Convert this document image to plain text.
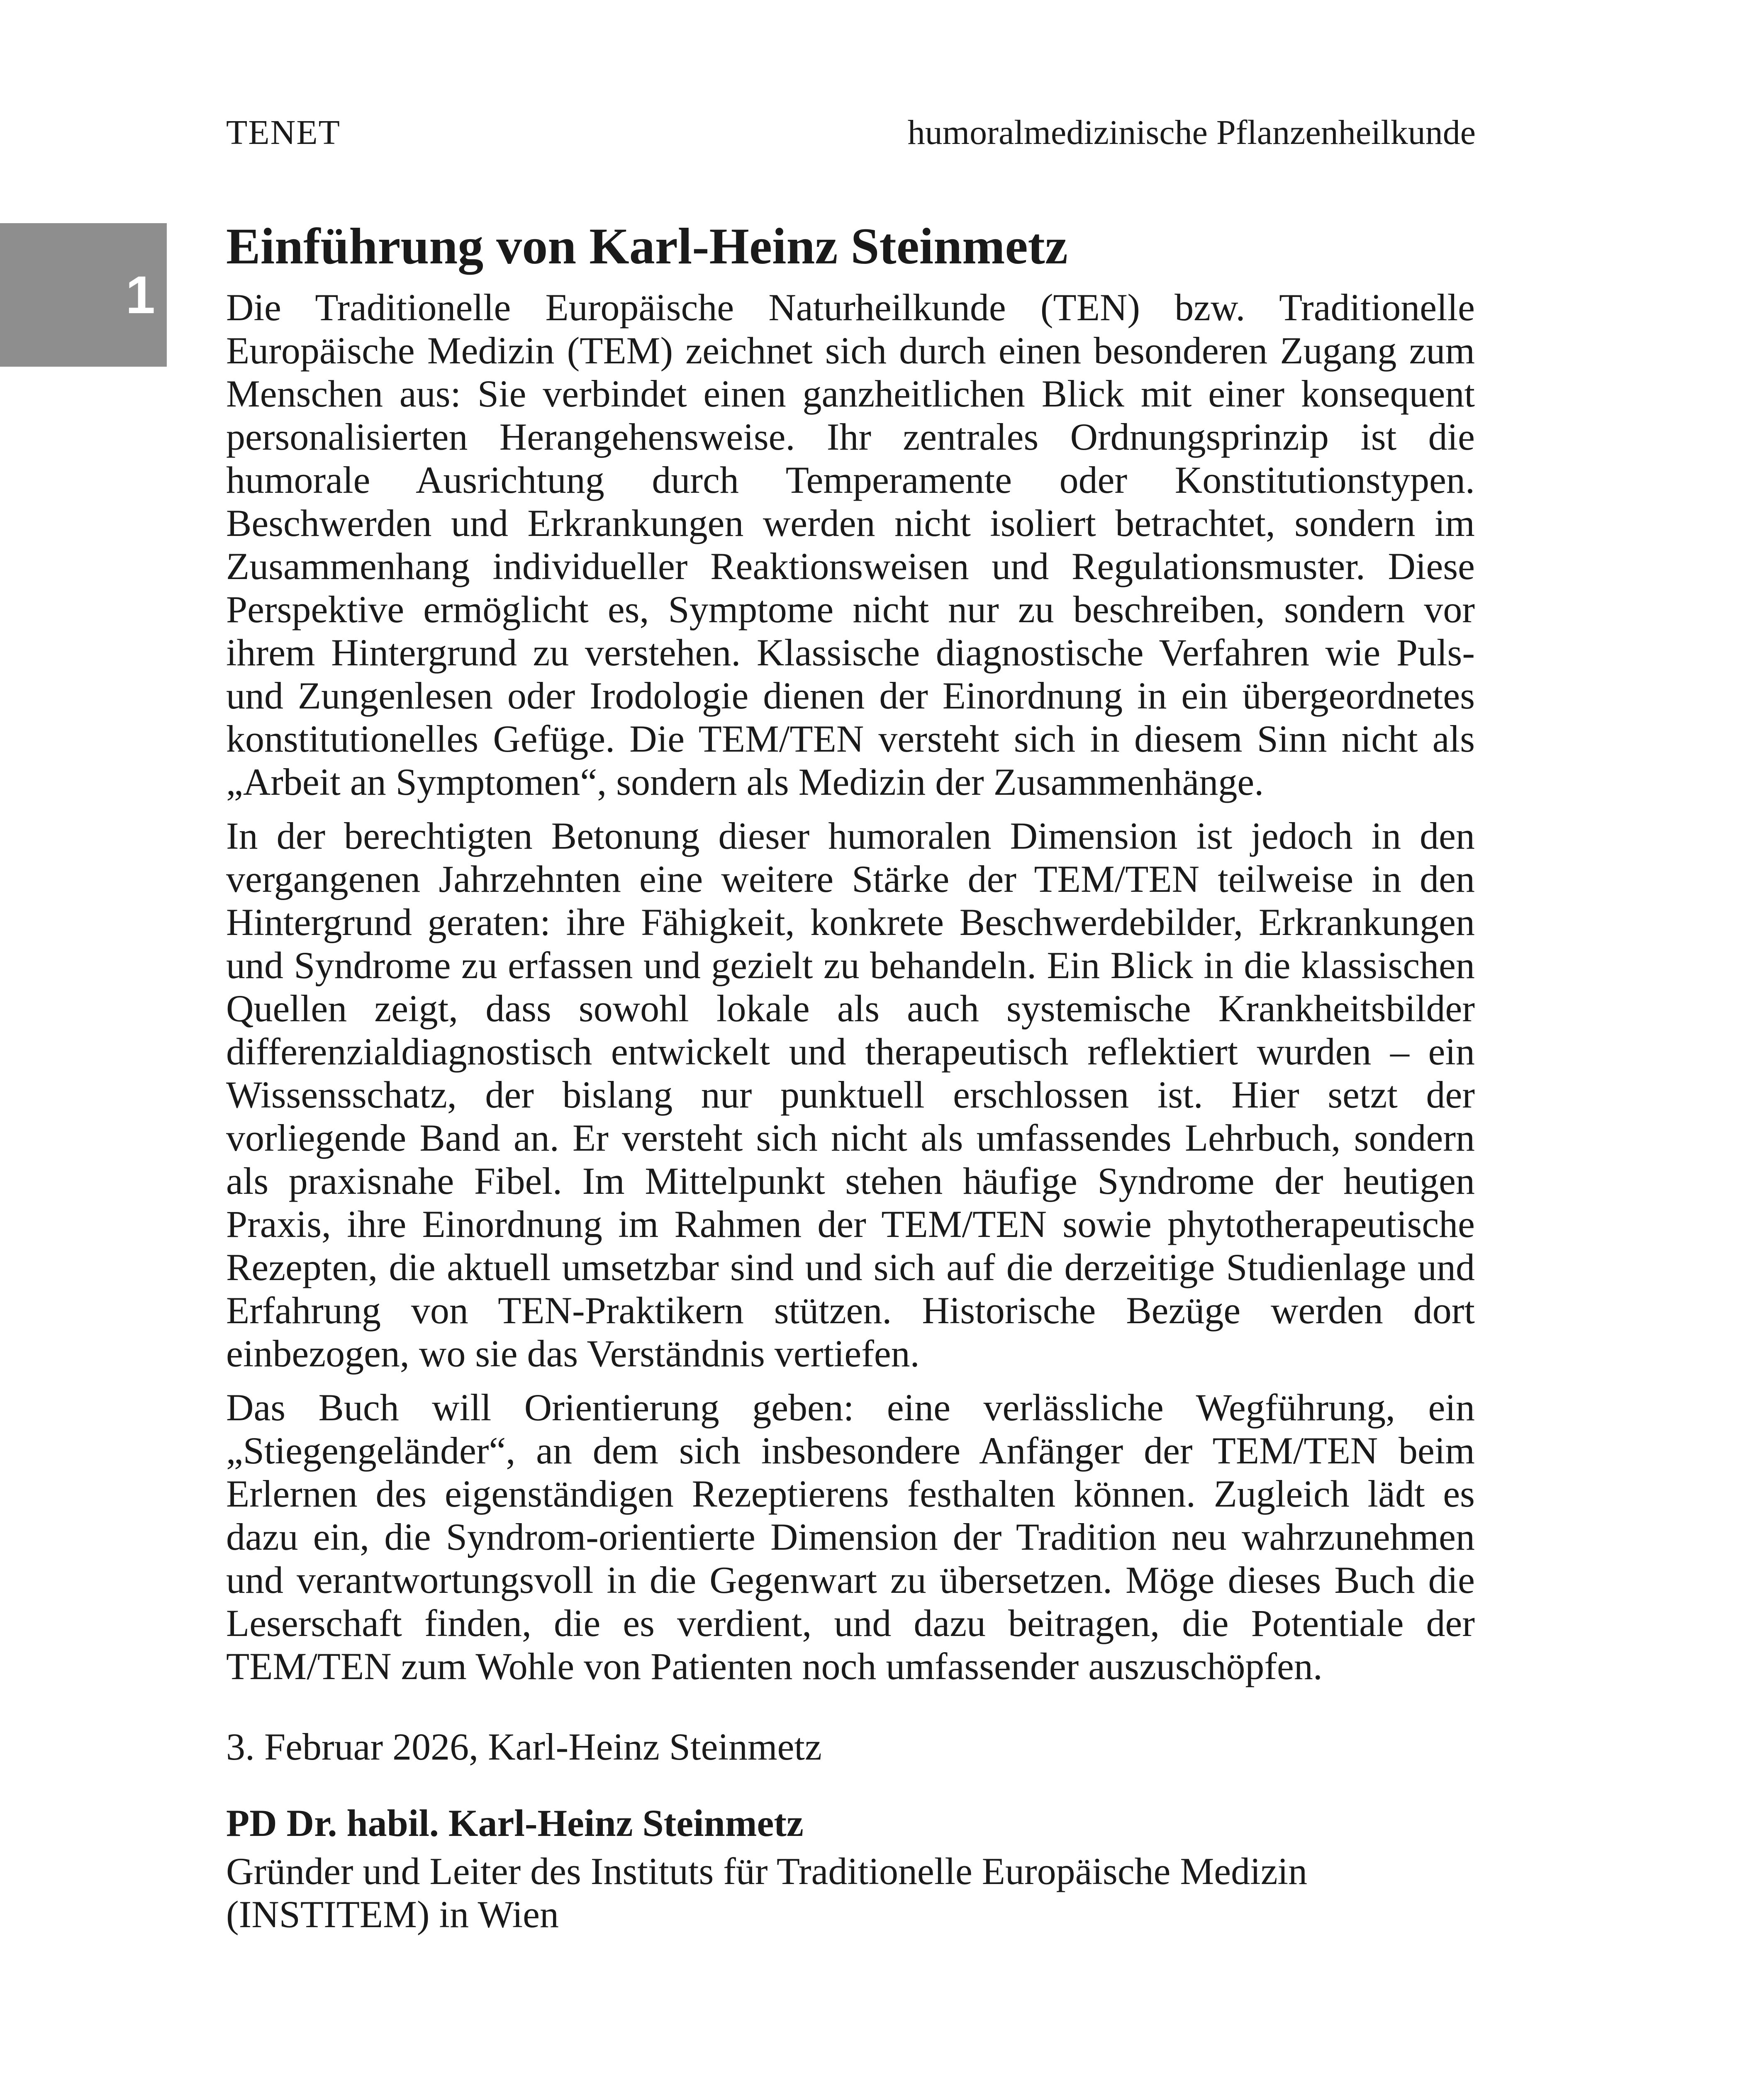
TENET	humoralmedizinische Pflanzenheilkunde
1
Einführung von Karl-Heinz Steinmetz

Die Traditionelle Europäische Naturheilkunde (TEN) bzw. Traditionelle Europäische Medizin (TEM) zeichnet sich durch einen besonderen Zugang zum Menschen aus: Sie verbindet einen ganzheitlichen Blick mit einer konsequent personalisierten Herangehensweise. Ihr zentrales Ordnungsprinzip ist die humorale Ausrichtung durch Temperamente oder Konstitutionstypen. Beschwerden und Erkrankungen werden nicht isoliert betrachtet, sondern im Zusammenhang individueller Reaktionsweisen und Regulationsmuster. Diese Perspektive ermöglicht es, Symptome nicht nur zu beschreiben, sondern vor ihrem Hintergrund zu verstehen. Klassische diagnostische Verfahren wie Puls- und Zungenlesen oder Irodologie dienen der Einordnung in ein übergeordnetes konstitutionelles Gefüge. Die TEM/TEN versteht sich in diesem Sinn nicht als „Arbeit an Symptomen“, sondern als Medizin der Zusammenhänge.

In der berechtigten Betonung dieser humoralen Dimension ist jedoch in den vergangenen Jahrzehnten eine weitere Stärke der TEM/TEN teilweise in den Hintergrund geraten: ihre Fähigkeit, konkrete Beschwerdebilder, Erkrankungen und Syndrome zu erfassen und gezielt zu behandeln. Ein Blick in die klassischen Quellen zeigt, dass sowohl lokale als auch systemische Krankheitsbilder differenzialdiagnostisch entwickelt und therapeutisch reflektiert wurden – ein Wissensschatz, der bislang nur punktuell erschlossen ist. Hier setzt der vorliegende Band an. Er versteht sich nicht als umfassendes Lehrbuch, sondern als praxisnahe Fibel. Im Mittelpunkt stehen häufige Syndrome der heutigen Praxis, ihre Einordnung im Rahmen der TEM/TEN sowie phytotherapeutische Rezepten, die aktuell umsetzbar sind und sich auf die derzeitige Studienlage und Erfahrung von TEN-Praktikern stützen. Historische Bezüge werden dort einbezogen, wo sie das Verständnis vertiefen.

Das Buch will Orientierung geben: eine verlässliche Wegführung, ein „Stiegengeländer“, an dem sich insbesondere Anfänger der TEM/TEN beim Erlernen des eigenständigen Rezeptierens festhalten können. Zugleich lädt es dazu ein, die Syndrom-orientierte Dimension der Tradition neu wahrzunehmen und verantwortungsvoll in die Gegenwart zu übersetzen. Möge dieses Buch die Leserschaft finden, die es verdient, und dazu beitragen, die Potentiale der TEM/TEN zum Wohle von Patienten noch umfassender auszuschöpfen.

3. Februar 2026, Karl-Heinz Steinmetz

PD Dr. habil. Karl-Heinz Steinmetz

Gründer und Leiter des Instituts für Traditionelle Europäische Medizin (INSTITEM) in Wien
